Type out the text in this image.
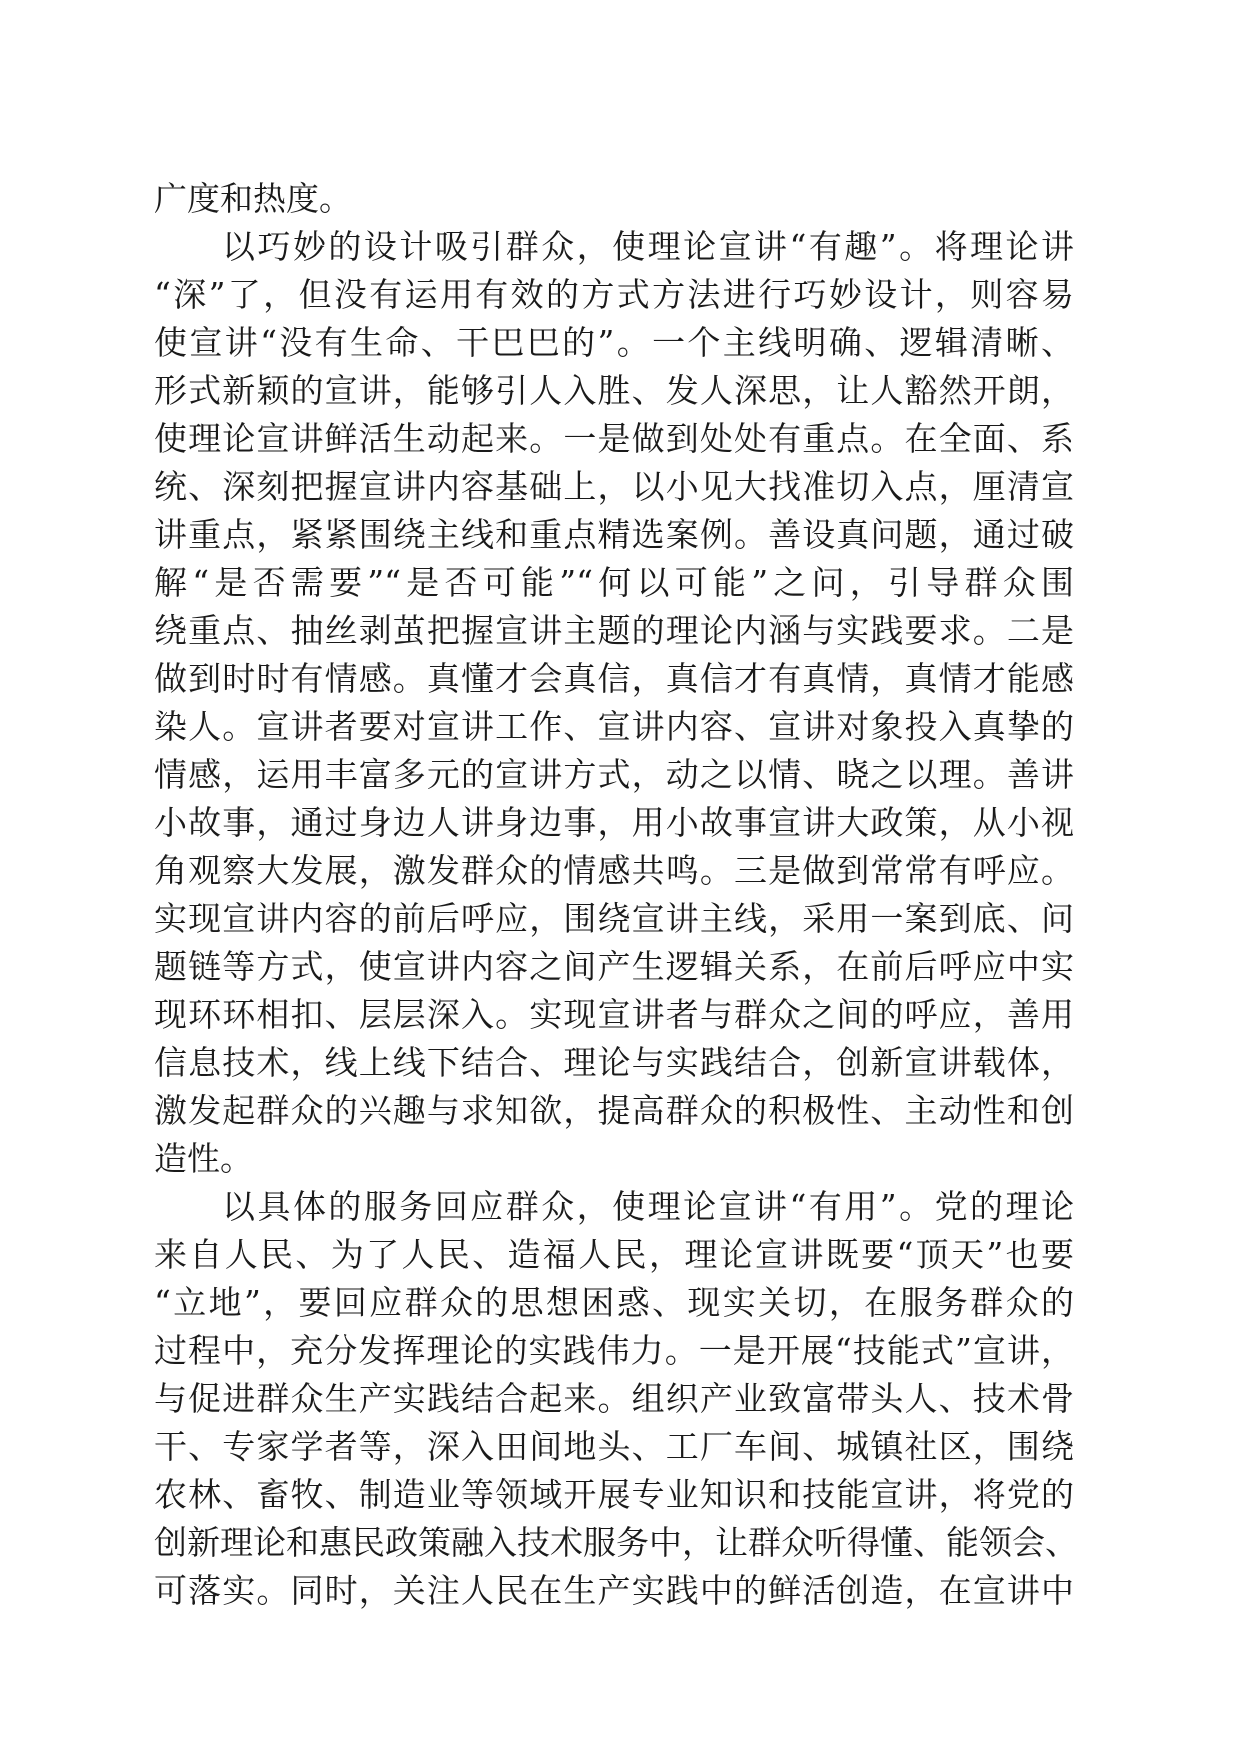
广度和热度。
以巧妙的设计吸引群众，使理论宣讲“有趣”。将理论讲
“深”了，但没有运用有效的方式方法进行巧妙设计，则容易
使宣讲“没有生命、干巴巴的”。一个主线明确、逻辑清晰、
形式新颖的宣讲，能够引人入胜、发人深思，让人豁然开朗，
使理论宣讲鲜活生动起来。一是做到处处有重点。在全面、系
统、深刻把握宣讲内容基础上，以小见大找准切入点，厘清宣
讲重点，紧紧围绕主线和重点精选案例。善设真问题，通过破
解“是否需要”“是否可能”“何以可能”之问，引导群众围
绕重点、抽丝剥茧把握宣讲主题的理论内涵与实践要求。二是
做到时时有情感。真懂才会真信，真信才有真情，真情才能感
染人。宣讲者要对宣讲工作、宣讲内容、宣讲对象投入真挚的
情感，运用丰富多元的宣讲方式，动之以情、晓之以理。善讲
小故事，通过身边人讲身边事，用小故事宣讲大政策，从小视
角观察大发展，激发群众的情感共鸣。三是做到常常有呼应。
实现宣讲内容的前后呼应，围绕宣讲主线，采用一案到底、问
题链等方式，使宣讲内容之间产生逻辑关系，在前后呼应中实
现环环相扣、层层深入。实现宣讲者与群众之间的呼应，善用
信息技术，线上线下结合、理论与实践结合，创新宣讲载体，
激发起群众的兴趣与求知欲，提高群众的积极性、主动性和创
造性。
以具体的服务回应群众，使理论宣讲“有用”。党的理论
来自人民、为了人民、造福人民，理论宣讲既要“顶天”也要
“立地”，要回应群众的思想困惑、现实关切，在服务群众的
过程中，充分发挥理论的实践伟力。一是开展“技能式”宣讲，
与促进群众生产实践结合起来。组织产业致富带头人、技术骨
干、专家学者等，深入田间地头、工厂车间、城镇社区，围绕
农林、畜牧、制造业等领域开展专业知识和技能宣讲，将党的
创新理论和惠民政策融入技术服务中，让群众听得懂、能领会、
可落实。同时，关注人民在生产实践中的鲜活创造，在宣讲中
